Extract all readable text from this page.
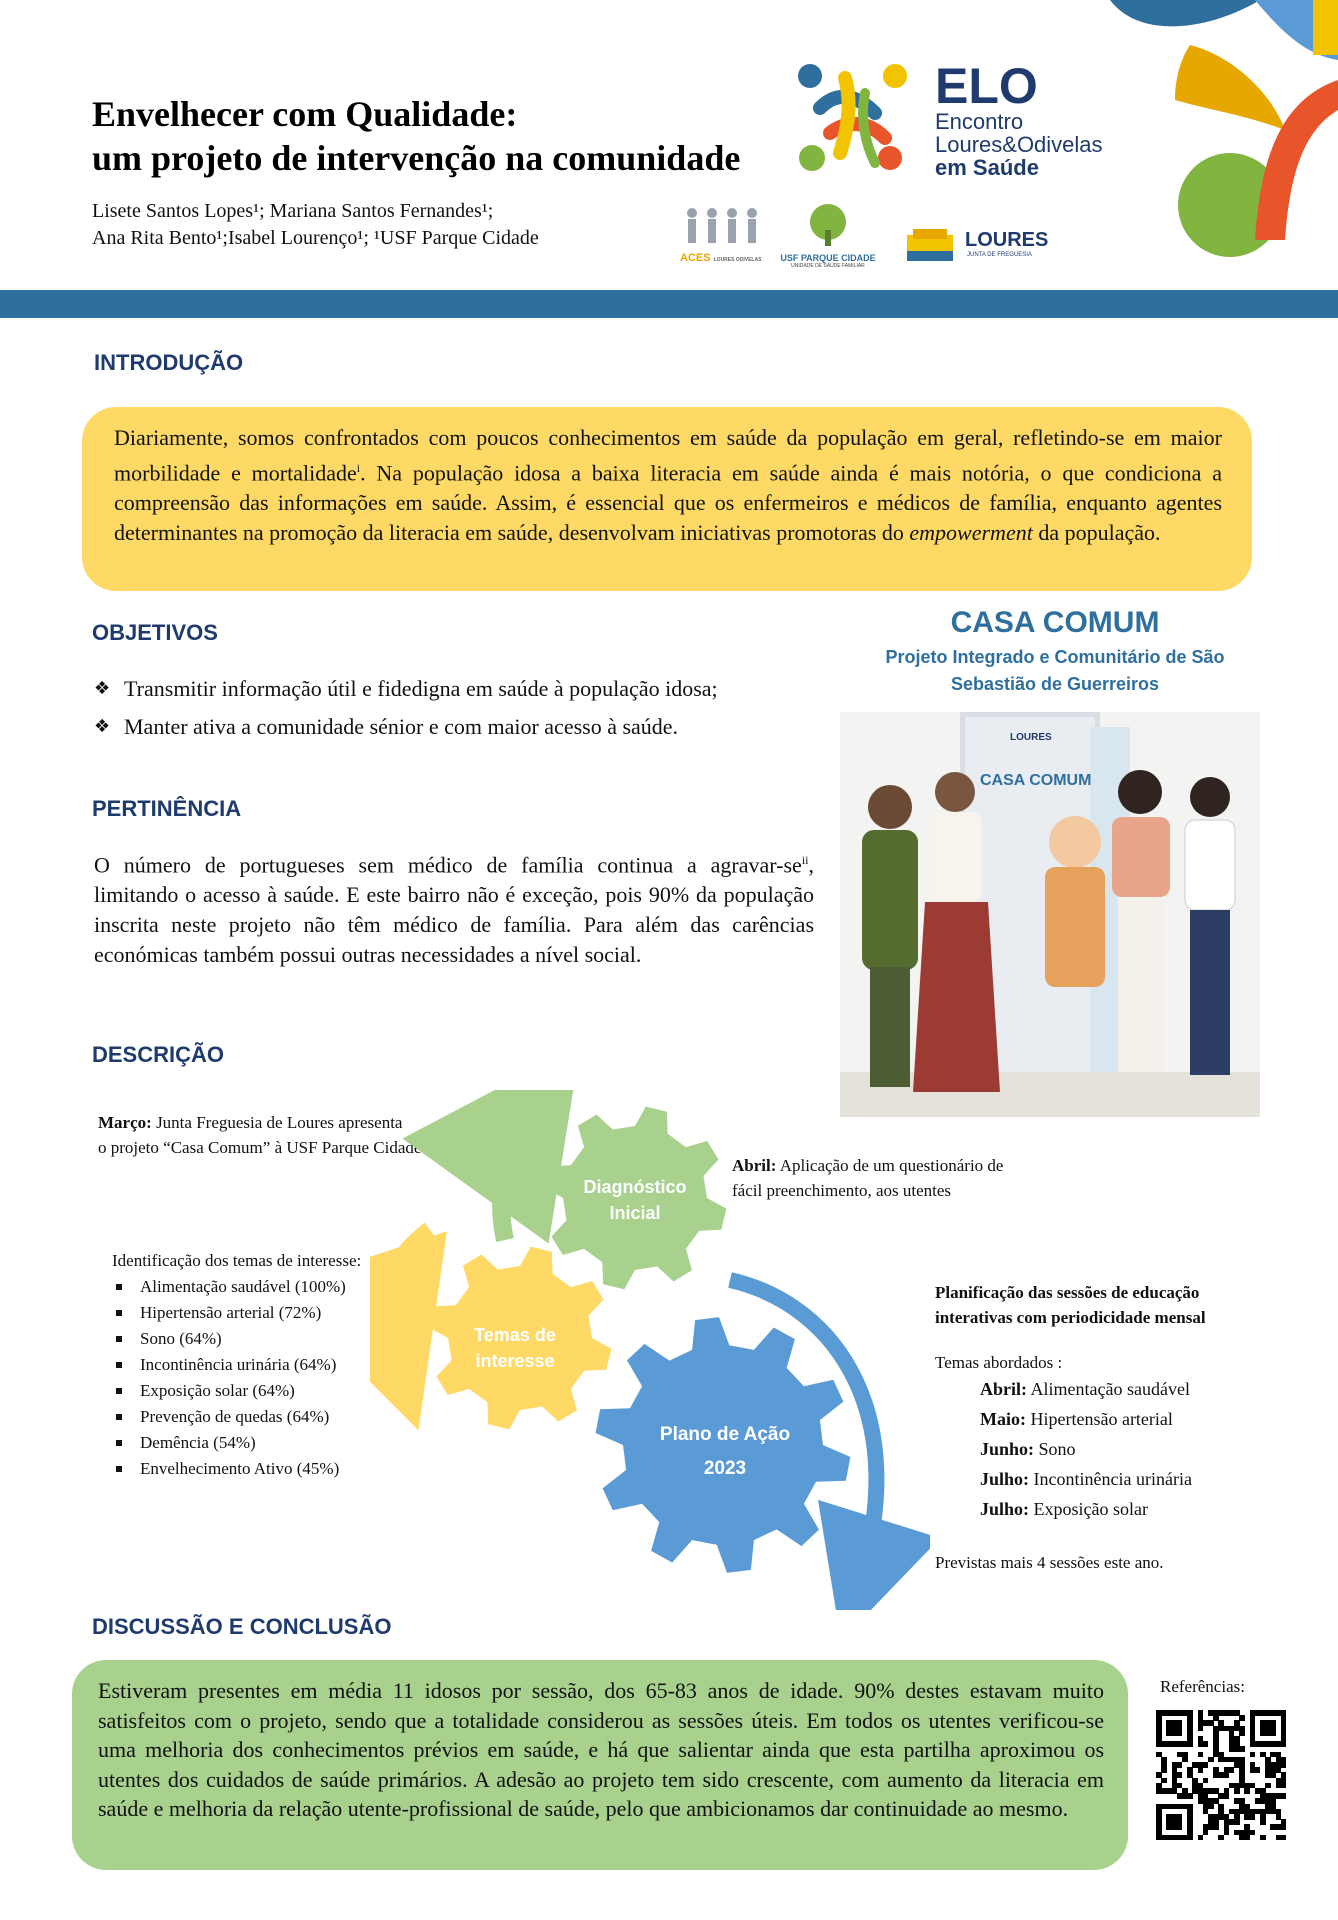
Envelhecer com Qualidade:
um projeto de intervenção na comunidade
Lisete Santos Lopes¹; Mariana Santos Fernandes¹;
Ana Rita Bento¹;Isabel Lourenço¹; ¹USF Parque Cidade
ELO
Encontro
Loures&Odivelas
em Saúde
ACES LOURES ODIVELAS	USF PARQUE CIDADE
UNIDADE DE SAÚDE FAMILIAR
LOURES
JUNTA DE FREGUESIA
INTRODUÇÃO
Diariamente, somos confrontados com poucos conhecimentos em saúde da população em geral, refletindo-se em maior morbilidade e mortalidade$^i$. Na população idosa a baixa literacia em saúde ainda é mais notória, o que condiciona a compreensão das informações em saúde. Assim, é essencial que os enfermeiros e médicos de família, enquanto agentes determinantes na promoção da literacia em saúde, desenvolvam iniciativas promotoras do empowerment da população.
OBJETIVOS
❖ Transmitir informação útil e fidedigna em saúde à população idosa;
❖ Manter ativa a comunidade sénior e com maior acesso à saúde.
CASA COMUM
Projeto Integrado e Comunitário de São
Sebastião de Guerreiros
CASA COMUM
LOURES
PERTINÊNCIA
O número de portugueses sem médico de família continua a agravar-$se^{ii}$, limitando o acesso à saúde. E este bairro não é exceção, pois 90% da população inscrita neste projeto não têm médico de família. Para além das carências económicas também possui outras necessidades a nível social.
DESCRIÇÃO
Março: Junta Freguesia de Loures apresenta
o projeto “Casa Comum” à USF Parque Cidade
Abril: Aplicação de um questionário de
fácil preenchimento, aos utentes
Diagnóstico
Inicial
Temas de
interesse
Plano de Ação
2023
Identificação dos temas de interesse:
Alimentação saudável (100%)
Hipertensão arterial (72%)
Sono (64%)
Incontinência urinária (64%)
Exposição solar (64%)
Prevenção de quedas (64%)
Demência (54%)
Envelhecimento Ativo (45%)
Planificação das sessões de educação
interativas com periodicidade mensal
Temas abordados :
Abril: Alimentação saudável
Maio: Hipertensão arterial
Junho: Sono
Julho: Incontinência urinária
Julho: Exposição solar
Previstas mais 4 sessões este ano.
DISCUSSÃO E CONCLUSÃO
Estiveram presentes em média 11 idosos por sessão, dos 65-83 anos de idade. 90% destes estavam muito satisfeitos com o projeto, sendo que a totalidade considerou as sessões úteis. Em todos os utentes verificou-se uma melhoria dos conhecimentos prévios em saúde, e há que salientar ainda que esta partilha aproximou os utentes dos cuidados de saúde primários. A adesão ao projeto tem sido crescente, com aumento da literacia em saúde e melhoria da relação utente-profissional de saúde, pelo que ambicionamos dar continuidade ao mesmo.
Referências:
